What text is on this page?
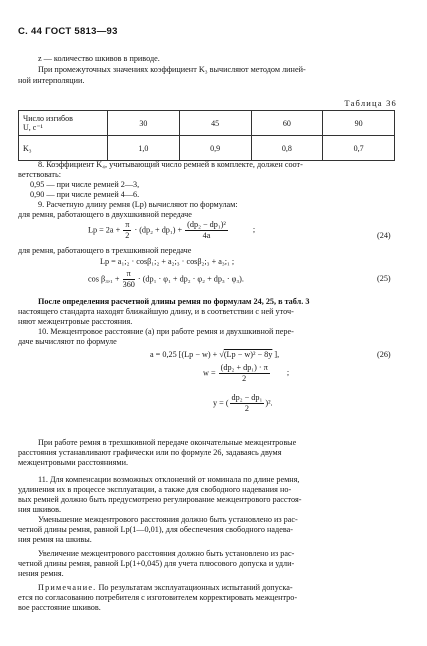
С. 44 ГОСТ 5813—93
z — количество шкивов в приводе.
При промежуточных значениях коэффициент K₃ вычисляют методом линей-
ной интерполяции.
Таблица 36
Число изгибов
U, c⁻¹	30	45	60	90
K₃	1,0	0,9	0,8	0,7
8. Коэффициент K₄, учитывающий число ремней в комплекте, должен соот-
ветствовать:
0,95 — при числе ремней 2—3,
0,90 — при числе ремней 4—6.
9. Расчетную длину ремня (Lp) вычисляют по формулам:
для ремня, работающего в двухшкивной передаче
$Lp = 2a + \frac{\pi}{2} \cdot (dp_2 + dp_1) + \frac{\text{(dp₂ − dp₁)²}}{4a}$	;
(24)
для ремня, работающего в трехшкивной передаче
Lp = a₁;₂ · cosβ₁;₂ + a₂;₃ · cosβ₂;₃ + a₃;₁ ;
$\cos \beta_3,_1 + \frac{\pi}{360} \cdot (dp_1 \cdot \varphi_1 + dp_2 \cdot \varphi_2 + dp_3 \cdot \varphi_3)$.	(25)
После определения расчетной длины ремня по формулам 24, 25, в табл. 3
настоящего стандарта находят ближайшую длину, и в соответствии с ней уточ-
няют межцентровые расстояния.
10. Межцентровое расстояние (a) при работе ремня и двухшкивной пере-
даче вычисляют по формуле
a = 0,25 [(Lp − w) + √(Lp − w)² − 8y ],	(26)
$w = \frac{\text{(dp₂ + dp₁) · π}}{2}$ ;
y = ( $\frac{\text{dp₂ − dp₁}}{2} )^2$.
При работе ремня в трехшкивной передаче окончательные межцентровые
расстояния устанавливают графически или по формуле 26, задаваясь двумя
межцентровыми расстояниями.
11. Для компенсации возможных отклонений от номинала по длине ремня,
удлинения их в процессе эксплуатации, а также для свободного надевания но-
вых ремней должно быть предусмотрено регулирование межцентрового расстоя-
ния шкивов.
Уменьшение межцентрового расстояния должно быть установлено из рас-
четной длины ремня, равной Lp(1—0,01), для обеспечения свободного надева-
ния ремня на шкивы.
Увеличение межцентрового расстояния должно быть установлено из рас-
четной длины ремня, равной Lp(1+0,045) для учета плюсового допуска и удли-
нения ремня.
Примечание. По результатам эксплуатационных испытаний допуска-
ется по согласованию потребителя с изготовителем корректировать межцентро-
вое расстояние шкивов.
